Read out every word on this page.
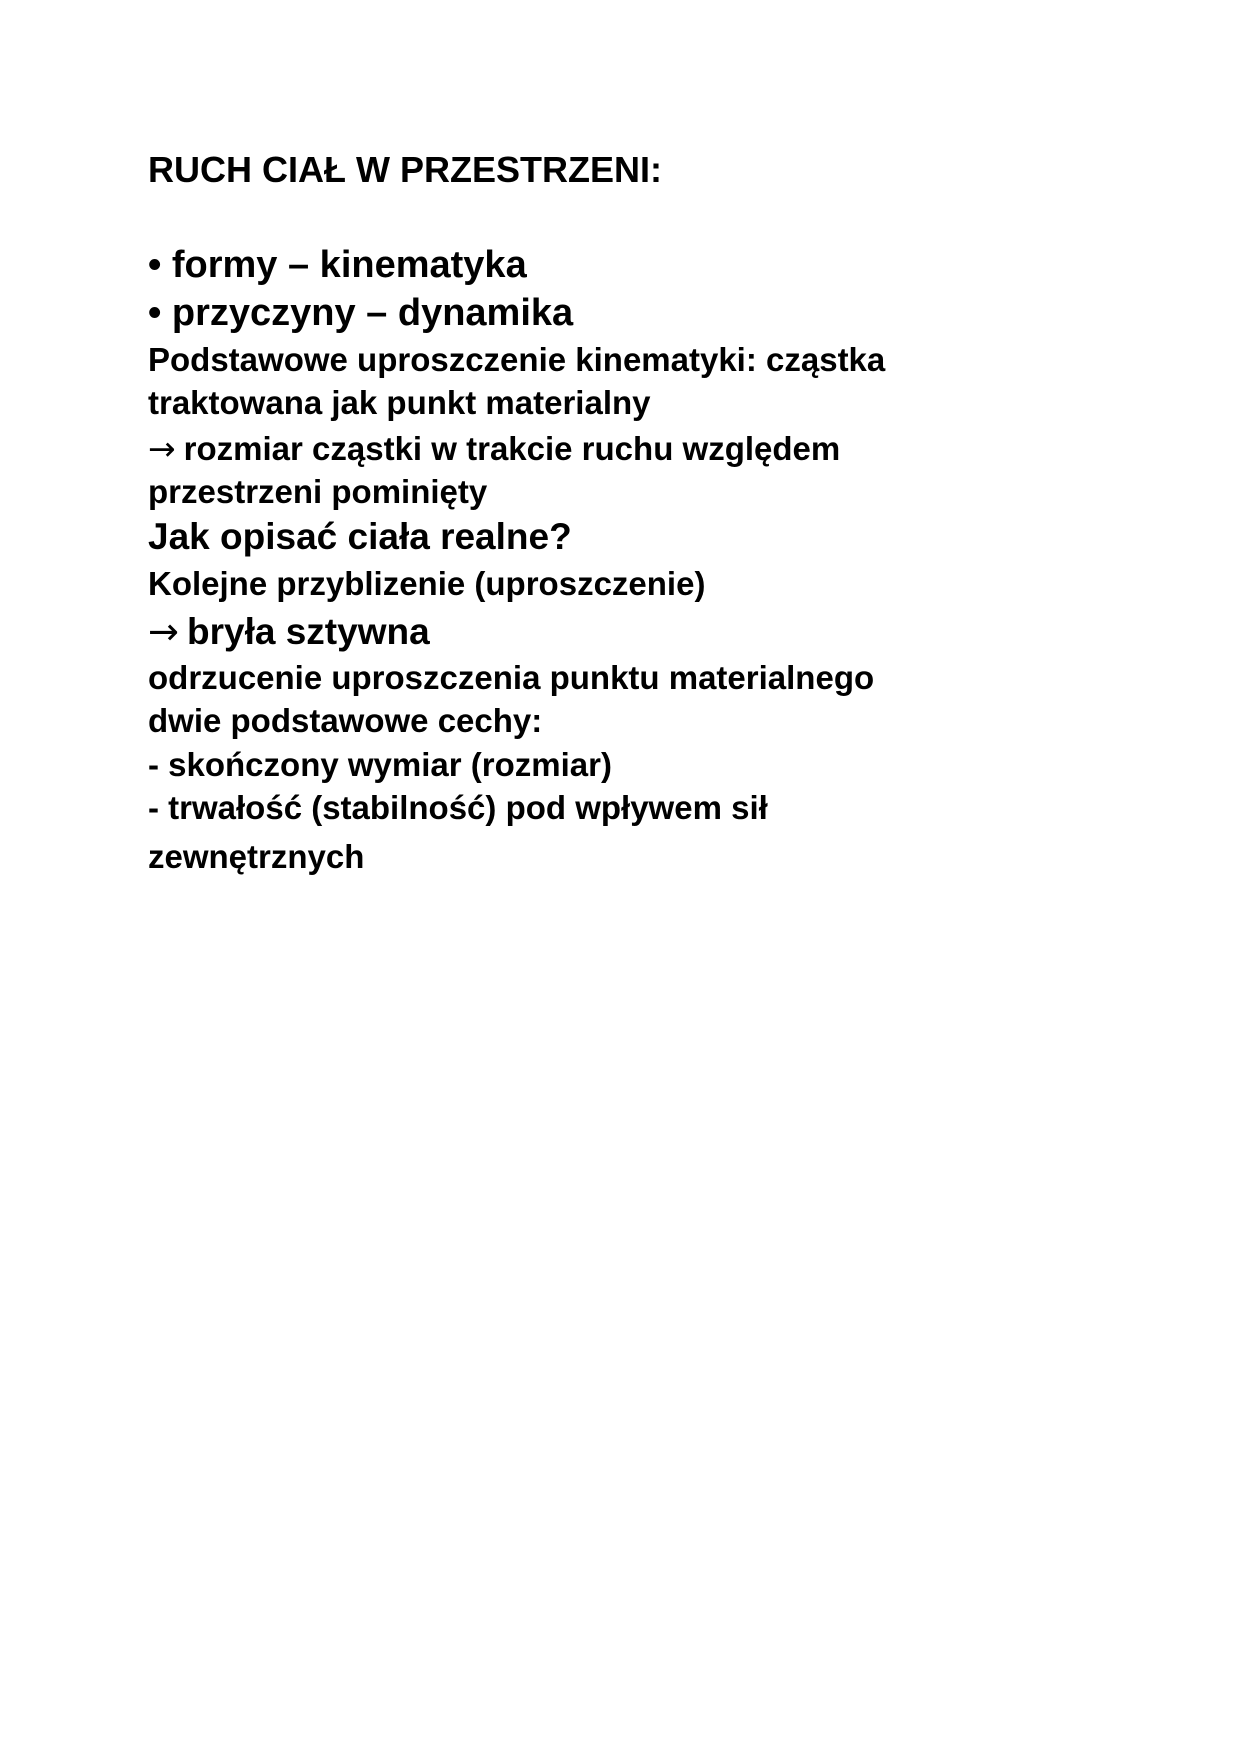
RUCH CIAŁ W PRZESTRZENI:
• formy – kinematyka
• przyczyny – dynamika
Podstawowe uproszczenie kinematyki: cząstka
traktowana jak punkt materialny
→ rozmiar cząstki w trakcie ruchu względem
przestrzeni pominięty
Jak opisać ciała realne?
Kolejne przyblizenie (uproszczenie)
→ bryła sztywna
odrzucenie uproszczenia punktu materialnego
dwie podstawowe cechy:
- skończony wymiar (rozmiar)
- trwałość (stabilność) pod wpływem sił
zewnętrznych
